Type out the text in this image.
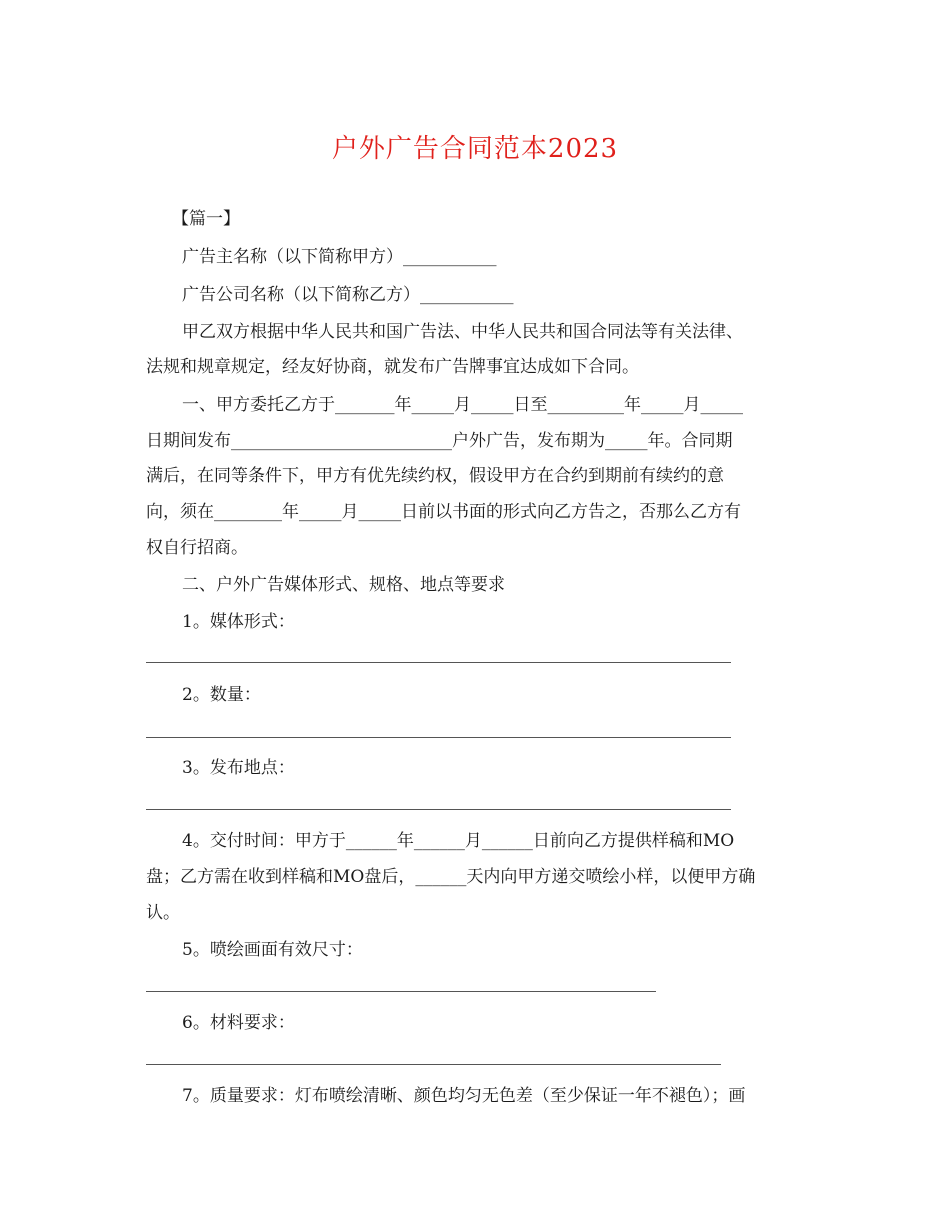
户外广告合同范本2023
【篇一】
广告主名称（以下简称甲方）___________
广告公司名称（以下简称乙方）___________
甲乙双方根据中华人民共和国广告法、中华人民共和国合同法等有关法律、
法规和规章规定，经友好协商，就发布广告牌事宜达成如下合同。
一、甲方委托乙方于_______年_____月_____日至_________年_____月_____
日期间发布__________________________户外广告，发布期为_____年。合同期
满后，在同等条件下，甲方有优先续约权，假设甲方在合约到期前有续约的意
向，须在________年_____月_____日前以书面的形式向乙方告之，否那么乙方有
权自行招商。
二、户外广告媒体形式、规格、地点等要求
1。媒体形式：
2。数量：
3。发布地点：
4。交付时间：甲方于______年______月______日前向乙方提供样稿和MO
盘；乙方需在收到样稿和MO盘后，______天内向甲方递交喷绘小样，以便甲方确
认。
5。喷绘画面有效尺寸：
6。材料要求：
7。质量要求：灯布喷绘清晰、颜色均匀无色差（至少保证一年不褪色）；画
